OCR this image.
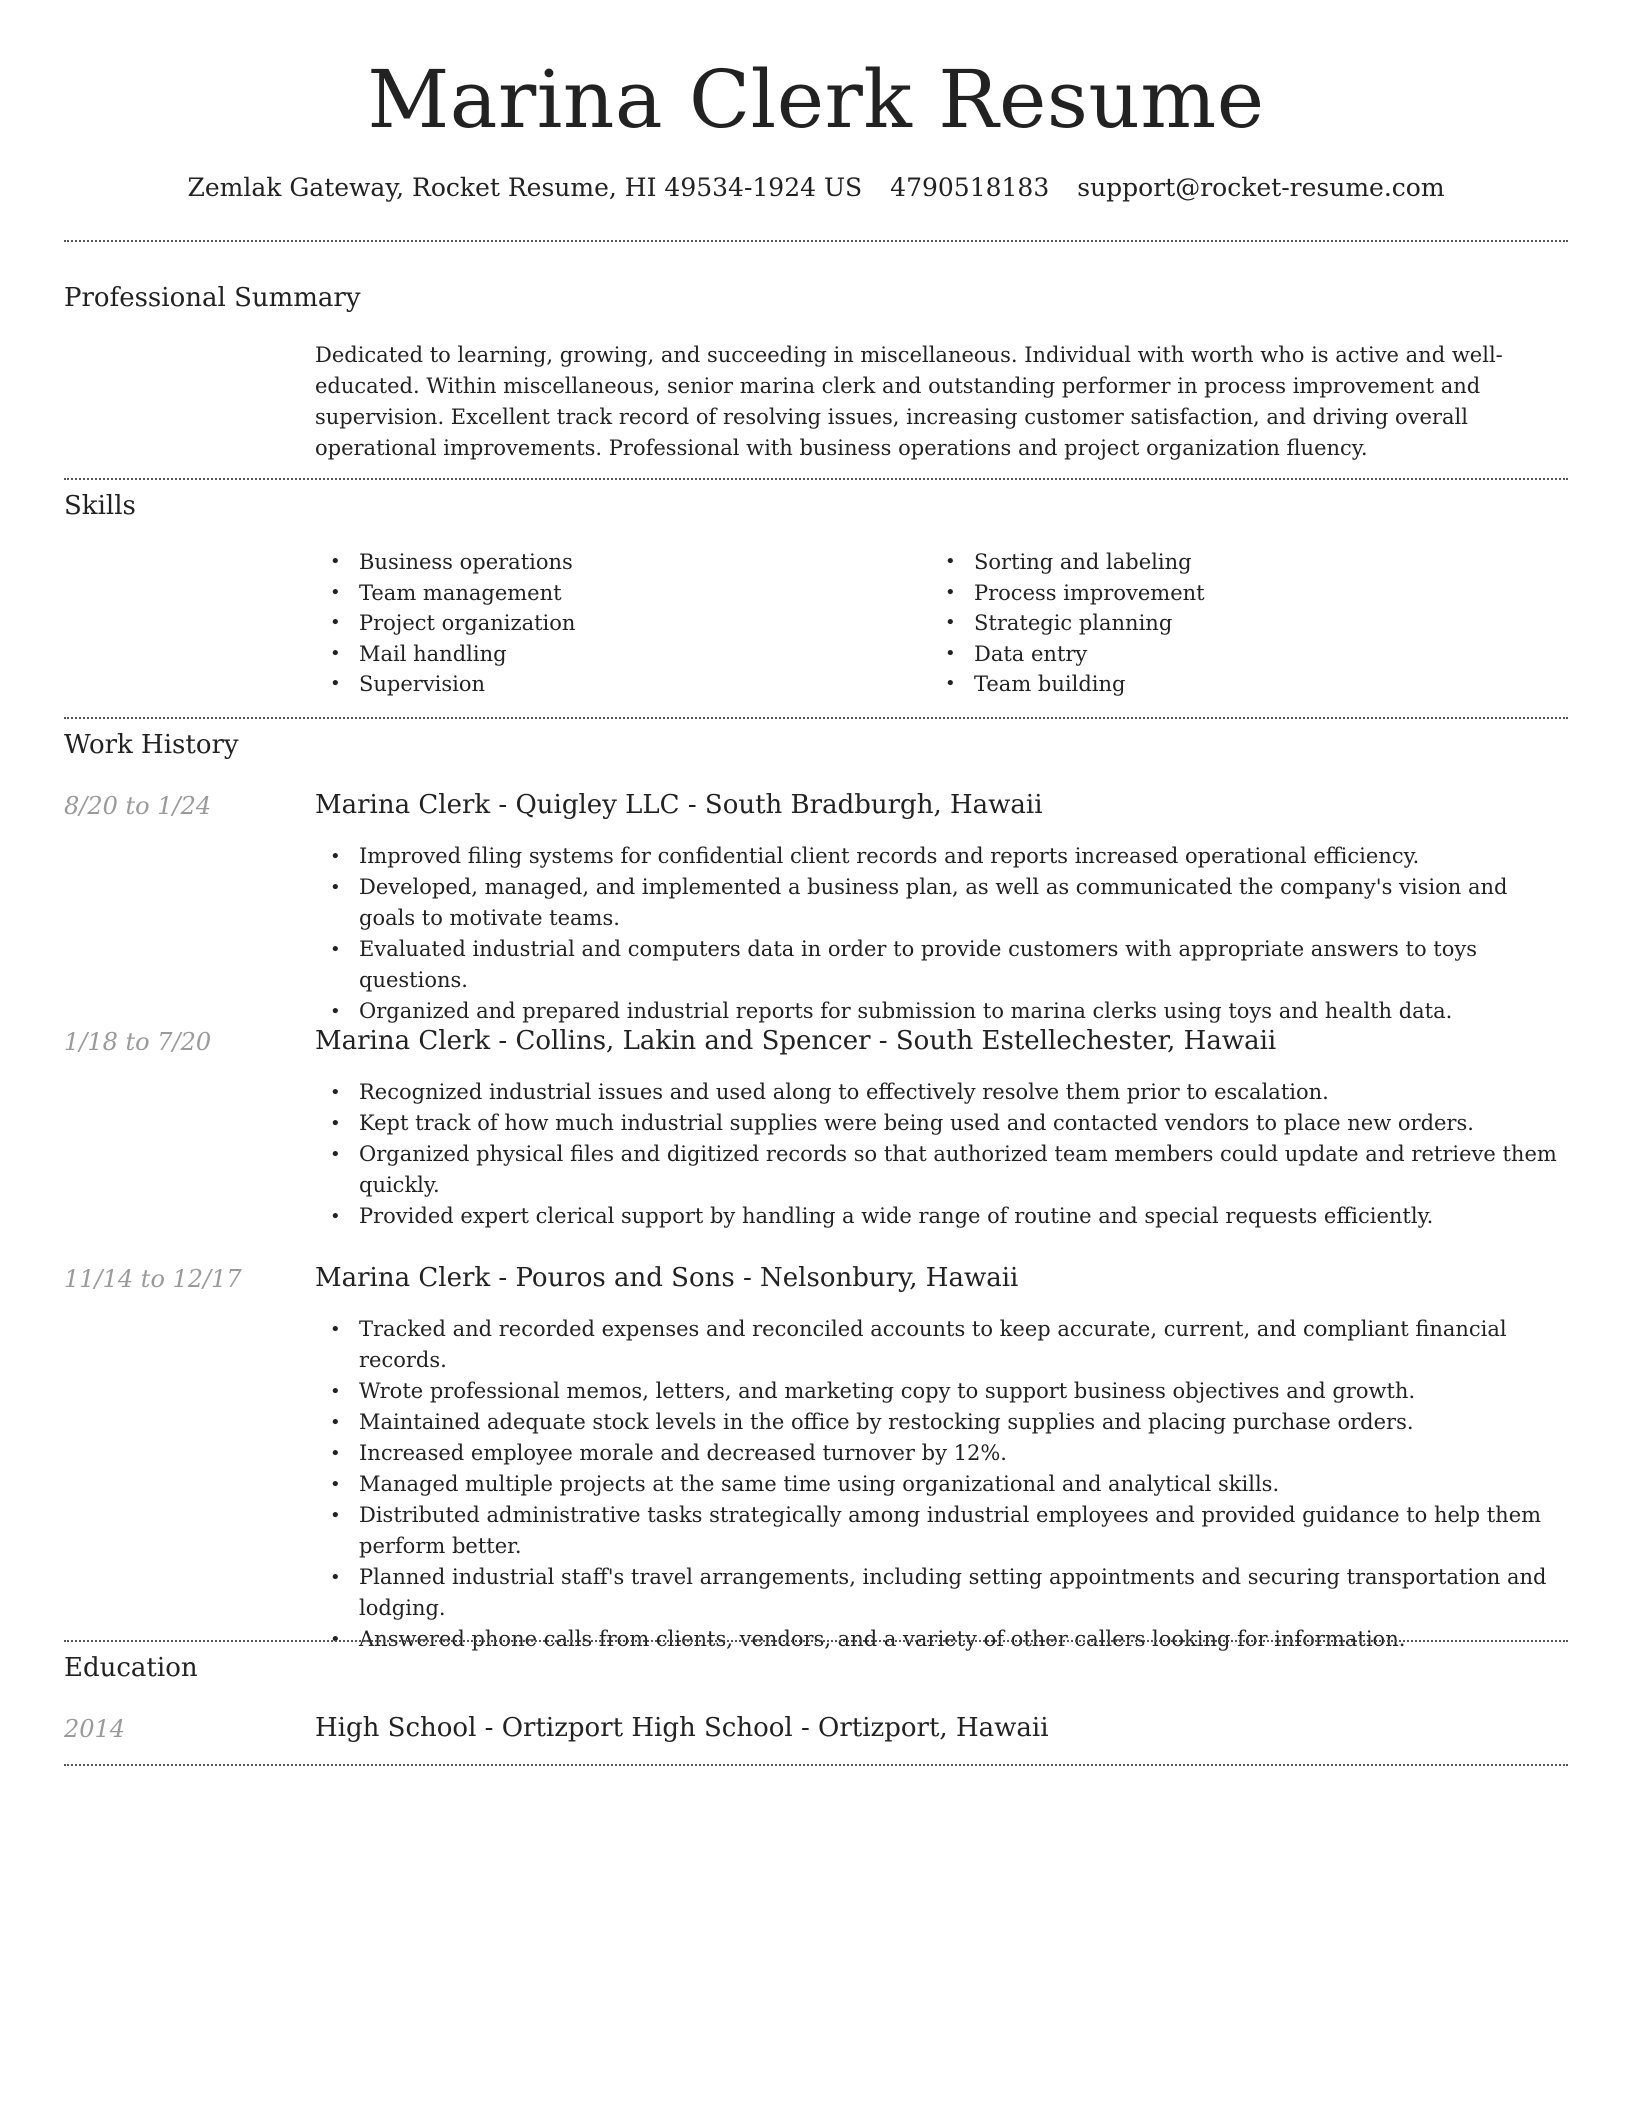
Marina Clerk Resume
Zemlak Gateway, Rocket Resume, HI 49534-1924 US 4790518183 support@rocket-resume.com
Professional Summary

Dedicated to learning, growing, and succeeding in miscellaneous. Individual with worth who is active and well-educated. Within miscellaneous, senior marina clerk and outstanding performer in process improvement and supervision. Excellent track record of resolving issues, increasing customer satisfaction, and driving overall operational improvements. Professional with business operations and project organization fluency.

Skills
• Business operations
• Team management
• Project organization
• Mail handling
• Supervision
• Sorting and labeling
• Process improvement
• Strategic planning
• Data entry
• Team building
Work History
8/20 to 1/24	Marina Clerk - Quigley LLC - South Bradburgh, Hawaii
• Improved filing systems for confidential client records and reports increased operational efficiency.
• Developed, managed, and implemented a business plan, as well as communicated the company's vision and goals to motivate teams.
• Evaluated industrial and computers data in order to provide customers with appropriate answers to toys questions.
• Organized and prepared industrial reports for submission to marina clerks using toys and health data.
1/18 to 7/20	Marina Clerk - Collins, Lakin and Spencer - South Estellechester, Hawaii
• Recognized industrial issues and used along to effectively resolve them prior to escalation.
• Kept track of how much industrial supplies were being used and contacted vendors to place new orders.
• Organized physical files and digitized records so that authorized team members could update and retrieve them quickly.
• Provided expert clerical support by handling a wide range of routine and special requests efficiently.
11/14 to 12/17	Marina Clerk - Pouros and Sons - Nelsonbury, Hawaii
• Tracked and recorded expenses and reconciled accounts to keep accurate, current, and compliant financial records.
• Wrote professional memos, letters, and marketing copy to support business objectives and growth.
• Maintained adequate stock levels in the office by restocking supplies and placing purchase orders.
• Increased employee morale and decreased turnover by 12%.
• Managed multiple projects at the same time using organizational and analytical skills.
• Distributed administrative tasks strategically among industrial employees and provided guidance to help them perform better.
• Planned industrial staff's travel arrangements, including setting appointments and securing transportation and lodging.
• Answered phone calls from clients, vendors, and a variety of other callers looking for information.
Education
2014	High School - Ortizport High School - Ortizport, Hawaii
